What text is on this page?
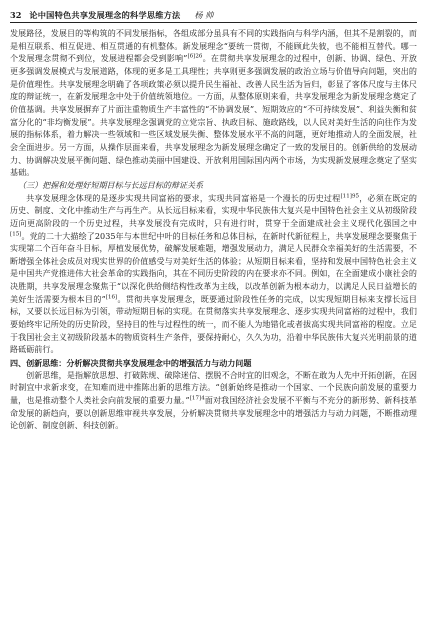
32 论中国特色共享发展理念的科学思维方法 杨 帅

发展路径，发展目的等构筑的不同发展指标，各组成部分虽具有不同的实践指向与科学内涵，但其不是割裂的，而是相互联系、相互促进、相互贯通的有机整体。新发展理念“要统一贯彻，不能顾此失彼，也不能相互替代。哪一个发展理念贯彻不到位，发展进程都会受到影响”$^{[6]26}$。在贯彻共享发展理念的过程中，创新、协调、绿色、开放更多强调发展模式与发展道路，体现的更多是工具理性；共享则更多强调发展的政治立场与价值导向问题，突出的是价值理性。共享发展理念明确了各项政策必须以提升民生福祉、改善人民生活为旨归，彰显了客体尺度与主体尺度的辩证统一，在新发展理念中处于价值统领地位。一方面，从整体原则来看，共享发展理念为新发展理念奠定了价值基调。共享发展摒弃了片面注重物质生产丰富性的“不协调发展”、短期效应的“不可持续发展”、利益失衡和贫富分化的“非均衡发展”。共享发展理念强调党的立党宗旨、执政目标、施政路线，以人民对美好生活的向往作为发展的指标体系，着力解决一些领域和一些区域发展失衡、整体发展水平不高的问题，更好地推动人的全面发展，社会全面进步。另一方面，从操作层面来看，共享发展理念为新发展理念确定了一致的发展目的。创新供给的发展动力、协调解决发展平衡问题、绿色推动美丽中国建设、开放利用国际国内两个市场，为实现新发展理念奠定了坚实基础。

（三）把握和处理好短期目标与长远目标的辩证关系

共享发展理念体现的是逐步实现共同富裕的要求，实现共同富裕是一个漫长的历史过程$^{[11]95}$，必须在既定的历史、制度、文化中推动生产与再生产。从长远目标来看，实现中华民族伟大复兴是中国特色社会主义从初级阶段迈向更高阶段的一个历史过程，共享发展没有完成时，只有进行时，贯穿于全面建成社会主义现代化强国之中[15]。党的二十大描绘了2035年与本世纪中叶的目标任务和总体目标，在新时代新征程上，共享发展理念要聚焦于实现第二个百年奋斗目标，厚植发展优势，破解发展难题，增强发展动力，满足人民群众幸福美好的生活需要，不断增强全体社会成员对现实世界的价值感受与对美好生活的体验；从短期目标来看，坚持和发展中国特色社会主义是中国共产党推进伟大社会革命的实践指向，其在不同历史阶段的内在要求亦不同。例如，在全面建成小康社会的决胜期，共享发展理念聚焦于“以深化供给侧结构性改革为主线，以改革创新为根本动力，以满足人民日益增长的美好生活需要为根本目的”[16]。贯彻共享发展理念，既要通过阶段性任务的完成，以实现短期目标来支撑长远目标，又要以长远目标为引领，带动短期目标的实现。在贯彻落实共享发展理念、逐步实现共同富裕的过程中，我们要始终牢记所处的历史阶段，坚持目的性与过程性的统一，而不能人为地错化或者拔高实现共同富裕的程度。立足于我国社会主义初级阶段基本的物质资料生产条件，要保持耐心，久久为功，沿着中华民族伟大复兴光明前景的道路砥砺前行。

四、创新思维：分析解决贯彻共享发展理念中的增强活力与动力问题

创新思维，是指解放思想、打破陈规、破除迷信、摆脱不合时宜的旧观念，不断在敢为人先中开拓创新，在因时制宜中求新求变，在知难而进中推陈出新的思维方法。“创新始终是推动一个国家、一个民族向前发展的重要力量，也是推动整个人类社会向前发展的重要力量。”$^{[17]4}$面对我国经济社会发展不平衡与不充分的新形势、新科技革命发展的新趋向，要以创新思维审视共享发展，分析解决贯彻共享发展理念中的增强活力与动力问题，不断推动理论创新、制度创新、科技创新。
